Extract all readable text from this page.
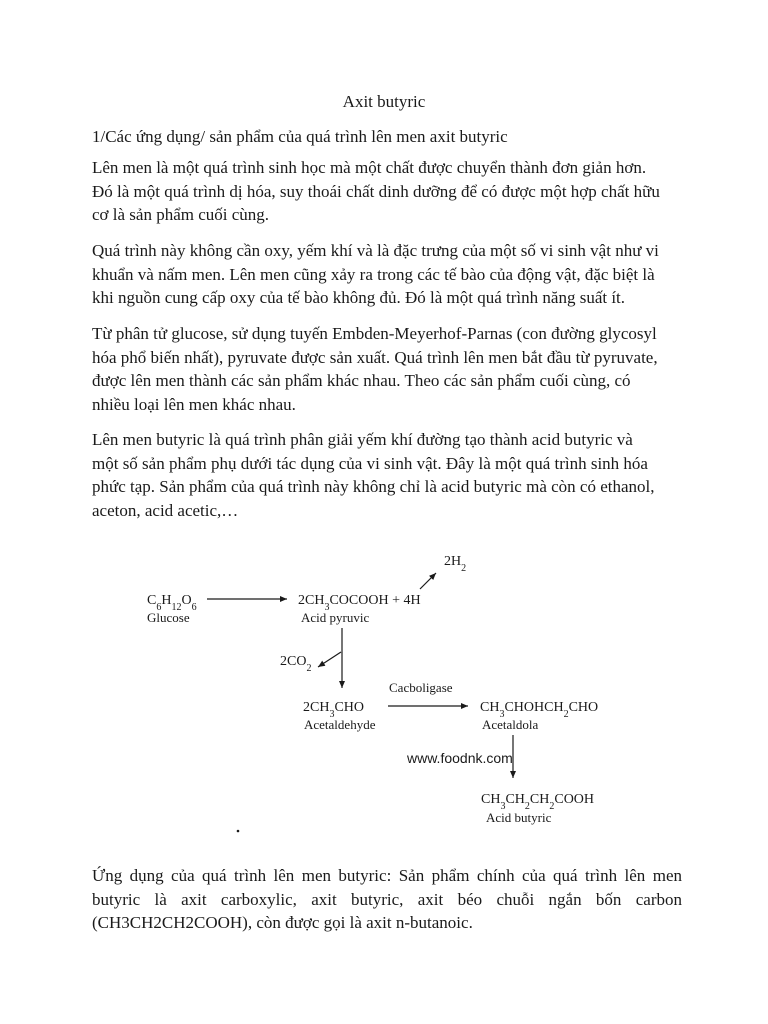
Axit butyric
1/Các ứng dụng/ sản phẩm của quá trình lên men axit butyric
Lên men là một quá trình sinh học mà một chất được chuyển thành đơn giản hơn.
Đó là một quá trình dị hóa, suy thoái chất dinh dưỡng để có được một hợp chất hữu
cơ là sản phẩm cuối cùng.
Quá trình này không cần oxy, yếm khí và là đặc trưng của một số vi sinh vật như vi
khuẩn và nấm men. Lên men cũng xảy ra trong các tế bào của động vật, đặc biệt là
khi nguồn cung cấp oxy của tế bào không đủ. Đó là một quá trình năng suất ít.
Từ phân tử glucose, sử dụng tuyến Embden-Meyerhof-Parnas (con đường glycosyl
hóa phổ biến nhất), pyruvate được sản xuất. Quá trình lên men bắt đầu từ pyruvate,
được lên men thành các sản phẩm khác nhau. Theo các sản phẩm cuối cùng, có
nhiều loại lên men khác nhau.
Lên men butyric là quá trình phân giải yếm khí đường tạo thành acid butyric và
một số sản phẩm phụ dưới tác dụng của vi sinh vật. Đây là một quá trình sinh hóa
phức tạp. Sản phẩm của quá trình này không chỉ là acid butyric mà còn có ethanol,
aceton, acid acetic,…
$C_6H_{12}O_6$
Glucose
$2CH_3COCOOH + 4H$
Acid pyruvic
$2H_2$
$2CO_2$
$2CH_3CHO$
Acetaldehyde
Cacboligase
$CH_3CHOHCH_2CHO$
Acetaldola
www.foodnk.com
$CH_3CH_2CH_2COOH$
Acid butyric
Ứng dụng của quá trình lên men butyric: Sản phẩm chính của quá trình lên men
butyric là axit carboxylic, axit butyric, axit béo chuỗi ngắn bốn carbon
(CH3CH2CH2COOH), còn được gọi là axit n-butanoic.
